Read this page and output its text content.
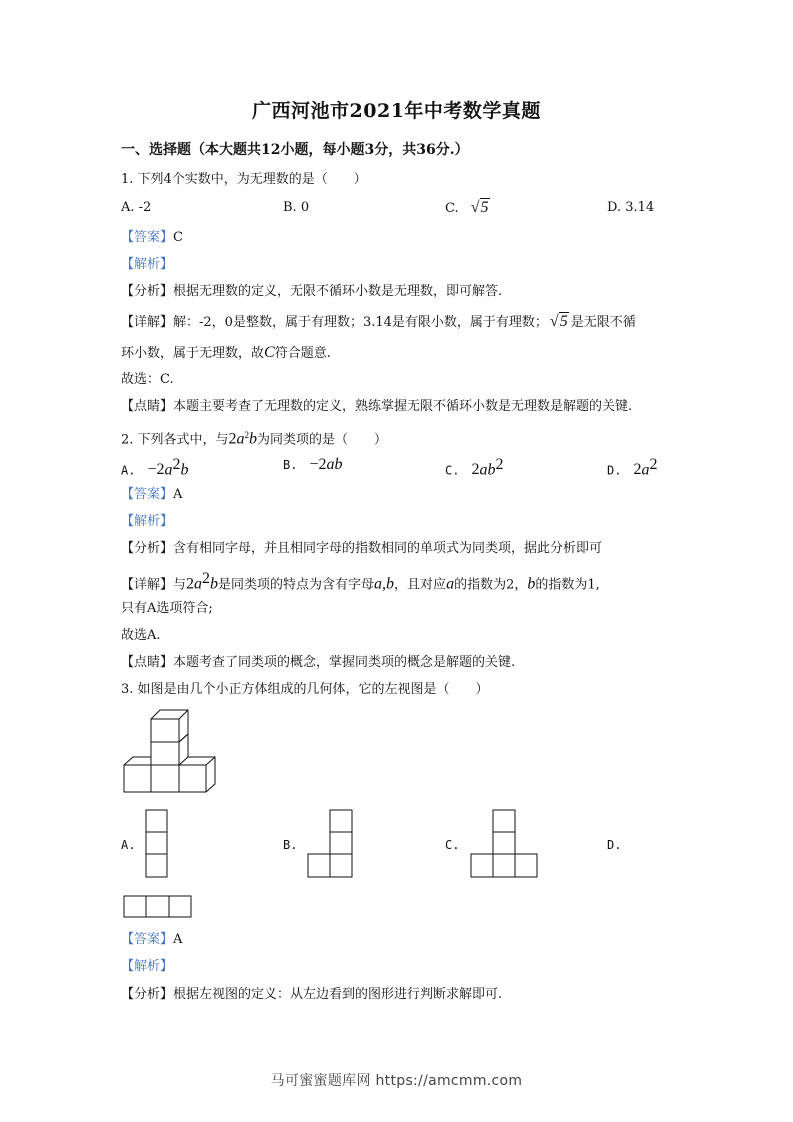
广西河池市2021年中考数学真题
一、选择题（本大题共12小题，每小题3分，共36分.）
1. 下列4个实数中，为无理数的是（　　）
A. -2	B. 0	C. √5	D. 3.14
【答案】C
【解析】
【分析】根据无理数的定义，无限不循环小数是无理数，即可解答.
【详解】解：-2，0是整数，属于有理数；3.14是有限小数，属于有理数； √5 是无限不循
环小数，属于无理数，故C符合题意.
故选：C.
【点睛】本题主要考查了无理数的定义，熟练掌握无限不循环小数是无理数是解题的关键.
2. 下列各式中，与$2a^2b$为同类项的是（　　）
A. $-2a^2b$	B. −2ab	C. $2ab^2$	D. $2a^2$
【答案】A
【解析】
【分析】含有相同字母，并且相同字母的指数相同的单项式为同类项，据此分析即可
【详解】与$2a^2b$是同类项的特点为含有字母a,b，且对应a的指数为2，b的指数为1,
只有A选项符合;
故选A.
【点睛】本题考查了同类项的概念，掌握同类项的概念是解题的关键.
3. 如图是由几个小正方体组成的几何体，它的左视图是（　　）
A.	B.	C.	D.
【答案】A
【解析】
【分析】根据左视图的定义：从左边看到的图形进行判断求解即可.
马可蜜蜜题库网 https://amcmm.com
